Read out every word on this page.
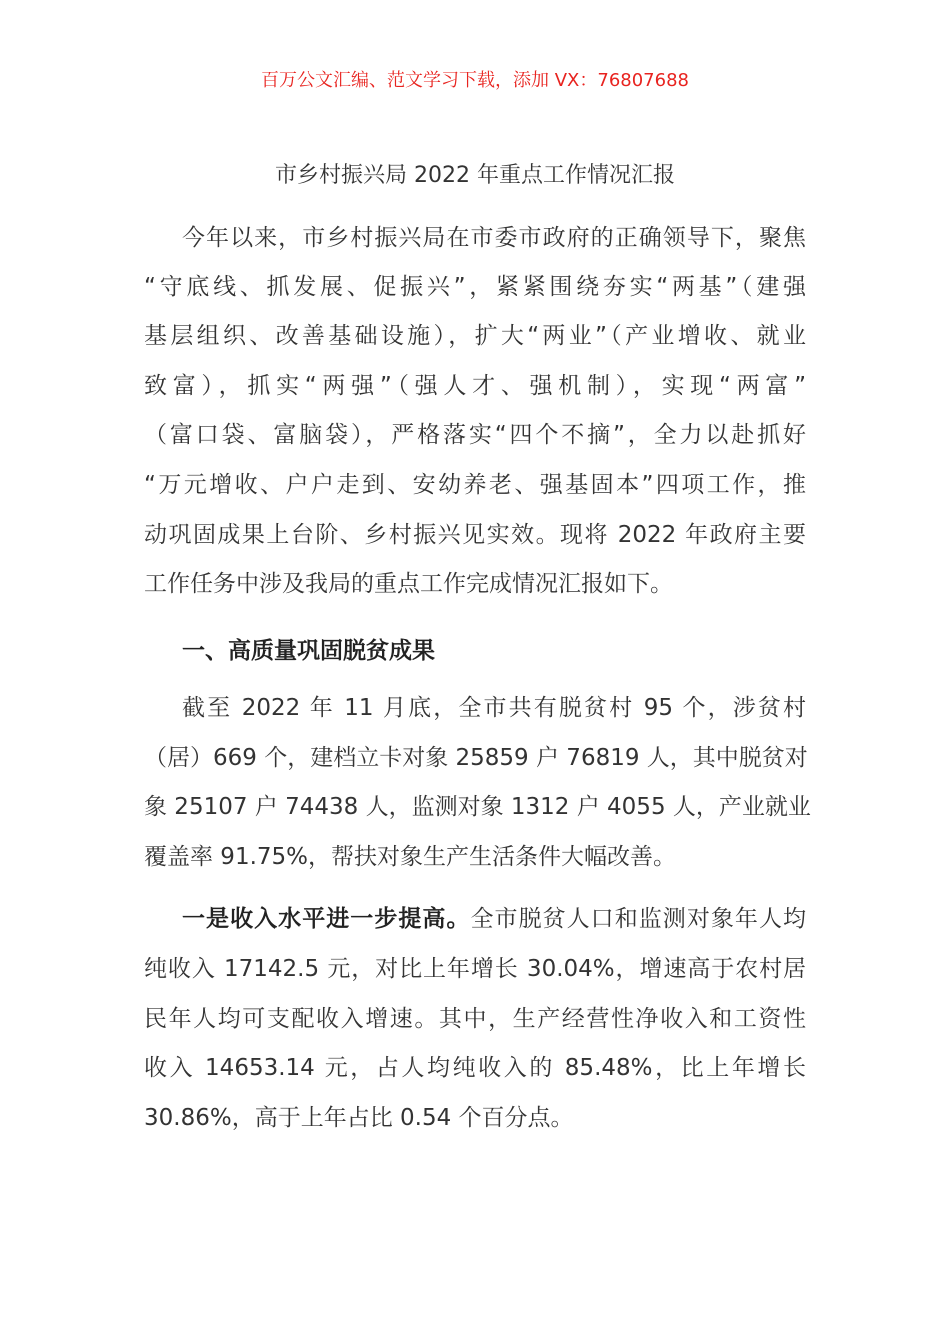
百万公文汇编、范文学习下载，添加 VX：76807688
市乡村振兴局 2022 年重点工作情况汇报
今年以来，市乡村振兴局在市委市政府的正确领导下，聚焦
“守底线、抓发展、促振兴”，紧紧围绕夯实“两基”（建强
基层组织、改善基础设施），扩大“两业”（产业增收、就业
致富），抓实“两强”（强人才、强机制），实现“两富”
（富口袋、富脑袋），严格落实“四个不摘”，全力以赴抓好
“万元增收、户户走到、安幼养老、强基固本”四项工作，推
动巩固成果上台阶、乡村振兴见实效。现将 2022 年政府主要
工作任务中涉及我局的重点工作完成情况汇报如下。
一、高质量巩固脱贫成果
截至 2022 年 11 月底，全市共有脱贫村 95 个，涉贫村
（居）669 个，建档立卡对象 25859 户 76819 人，其中脱贫对
象 25107 户 74438 人，监测对象 1312 户 4055 人，产业就业
覆盖率 91.75%，帮扶对象生产生活条件大幅改善。
一是收入水平进一步提高。全市脱贫人口和监测对象年人均
纯收入 17142.5 元，对比上年增长 30.04%，增速高于农村居
民年人均可支配收入增速。其中，生产经营性净收入和工资性
收入 14653.14 元，占人均纯收入的 85.48%，比上年增长
30.86%，高于上年占比 0.54 个百分点。
